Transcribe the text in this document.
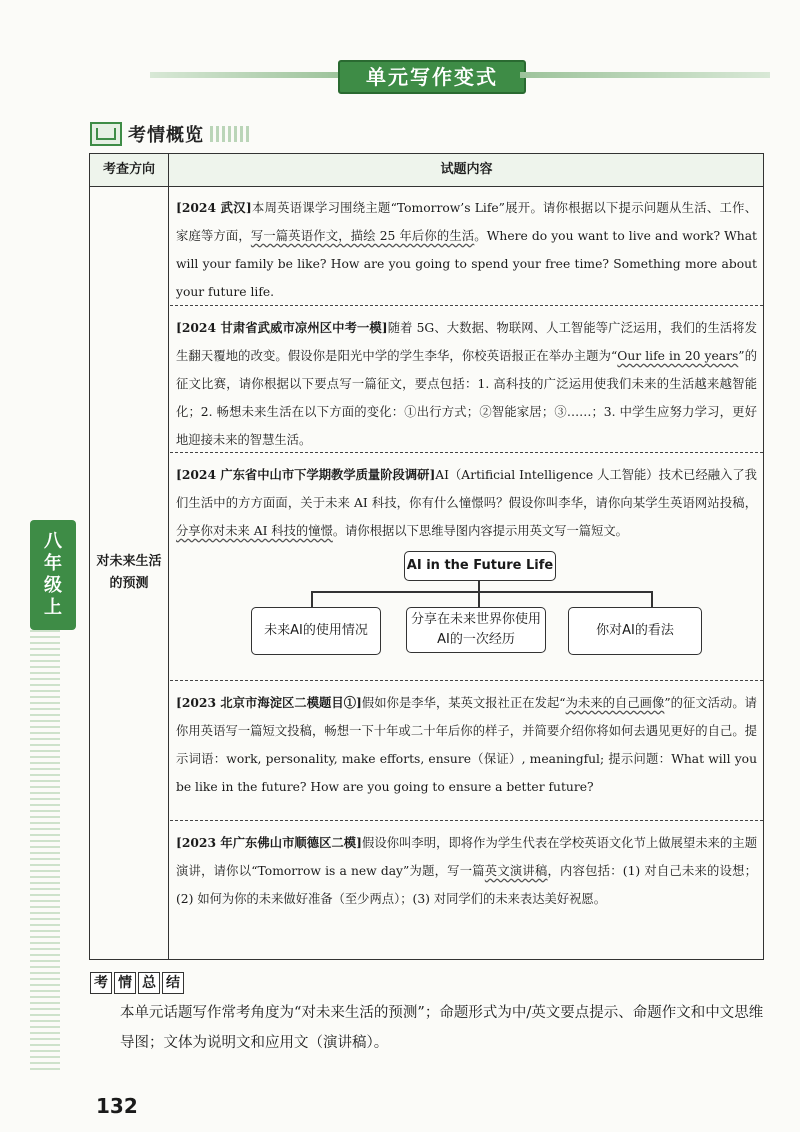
单元写作变式
考情概览
考查方向	试题内容
对未来生活
的预测
[2024 武汉]本周英语课学习围绕主题“Tomorrow’s Life”展开。请你根据以下提示问题从生活、工作、家庭等方面，写一篇英语作文，描绘 25 年后你的生活。Where do you want to live and work? What will your family be like? How are you going to spend your free time? Something more about your future life.
[2024 甘肃省武威市凉州区中考一模]随着 5G、大数据、物联网、人工智能等广泛运用，我们的生活将发生翻天覆地的改变。假设你是阳光中学的学生李华，你校英语报正在举办主题为“Our life in 20 years”的征文比赛，请你根据以下要点写一篇征文，要点包括：1. 高科技的广泛运用使我们未来的生活越来越智能化；2. 畅想未来生活在以下方面的变化：①出行方式；②智能家居；③……；3. 中学生应努力学习，更好地迎接未来的智慧生活。
[2024 广东省中山市下学期教学质量阶段调研]AI（Artificial Intelligence 人工智能）技术已经融入了我们生活中的方方面面，关于未来 AI 科技，你有什么憧憬吗？假设你叫李华，请你向某学生英语网站投稿，分享你对未来 AI 科技的憧憬。请你根据以下思维导图内容提示用英文写一篇短文。
AI in the Future Life
未来AI的使用情况
分享在未来世界你使用AI的一次经历
你对AI的看法
[2023 北京市海淀区二模题目①]假如你是李华，某英文报社正在发起“为未来的自己画像”的征文活动。请你用英语写一篇短文投稿，畅想一下十年或二十年后你的样子，并简要介绍你将如何去遇见更好的自己。提示词语：work, personality, make efforts, ensure（保证）, meaningful; 提示问题：What will you be like in the future? How are you going to ensure a better future?
[2023 年广东佛山市顺德区二模]假设你叫李明，即将作为学生代表在学校英语文化节上做展望未来的主题演讲，请你以“Tomorrow is a new day”为题，写一篇英文演讲稿，内容包括：(1) 对自己未来的设想；(2) 如何为你的未来做好准备（至少两点）；(3) 对同学们的未来表达美好祝愿。
八
年
级
上
考 情 总 结
本单元话题写作常考角度为“对未来生活的预测”；命题形式为中/英文要点提示、命题作文和中文思维导图；文体为说明文和应用文（演讲稿）。
132
